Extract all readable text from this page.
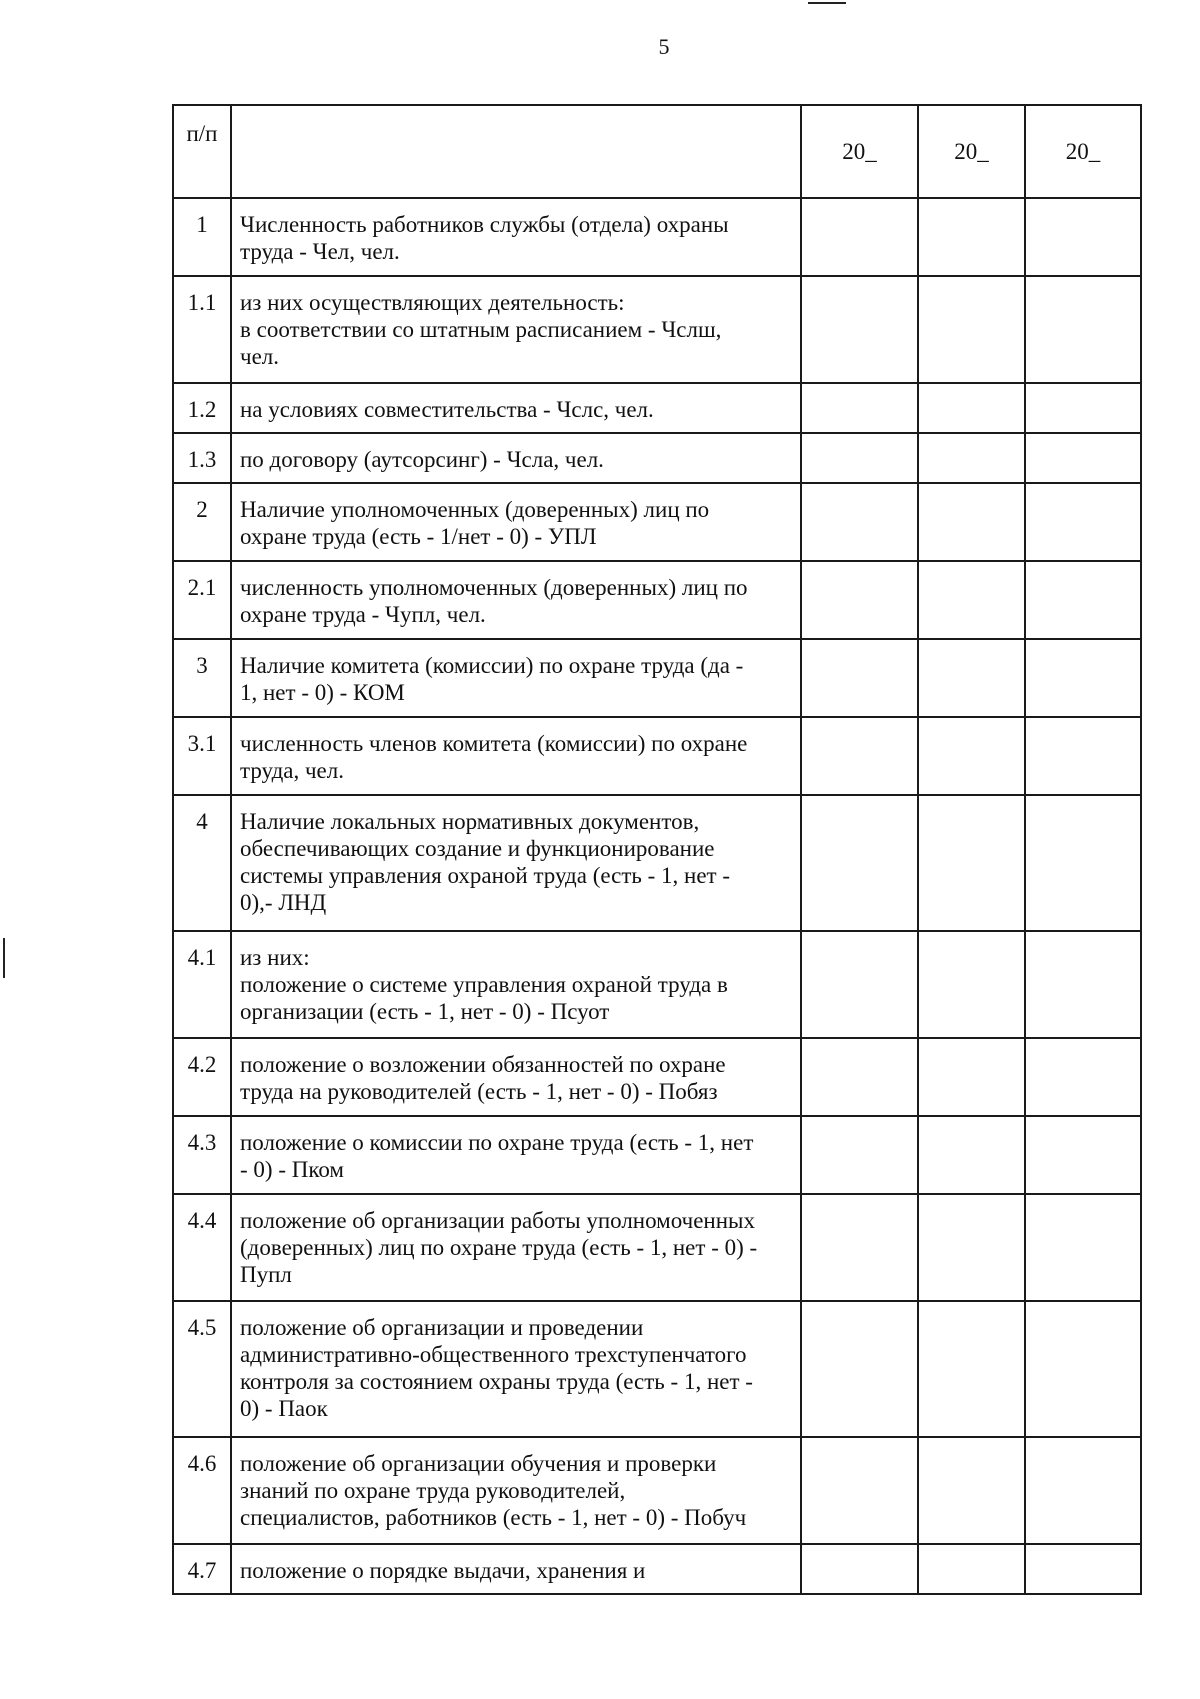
5
п/п		20_	20_	20_
1	Численность работников службы (отдела) охраны
труда - Чел, чел.			

1.1	из них осуществляющих деятельность:
в соответствии со штатным расписанием - Чслш,
чел.			

1.2	на условиях совместительства - Чслс, чел.			

1.3	по договору (аутсорсинг) - Чсла, чел.			

2	Наличие уполномоченных (доверенных) лиц по
охране труда (есть - 1/нет - 0) - УПЛ			

2.1	численность уполномоченных (доверенных) лиц по
охране труда - Чупл, чел.			

3	Наличие комитета (комиссии) по охране труда (да -
1, нет - 0) - КОМ			

3.1	численность членов комитета (комиссии) по охране
труда, чел.			

4	Наличие локальных нормативных документов,
обеспечивающих создание и функционирование
системы управления охраной труда (есть - 1, нет -
0),- ЛНД			

4.1	из них:
положение о системе управления охраной труда в
организации (есть - 1, нет - 0) - Псуот			

4.2	положение о возложении обязанностей по охране
труда на руководителей (есть - 1, нет - 0) - Побяз			

4.3	положение о комиссии по охране труда (есть - 1, нет
- 0) - Пком			

4.4	положение об организации работы уполномоченных
(доверенных) лиц по охране труда (есть - 1, нет - 0) -
Пупл			

4.5	положение об организации и проведении
административно-общественного трехступенчатого
контроля за состоянием охраны труда (есть - 1, нет -
0) - Паок			

4.6	положение об организации обучения и проверки
знаний по охране труда руководителей,
специалистов, работников (есть - 1, нет - 0) - Побуч			

4.7	положение о порядке выдачи, хранения и			
